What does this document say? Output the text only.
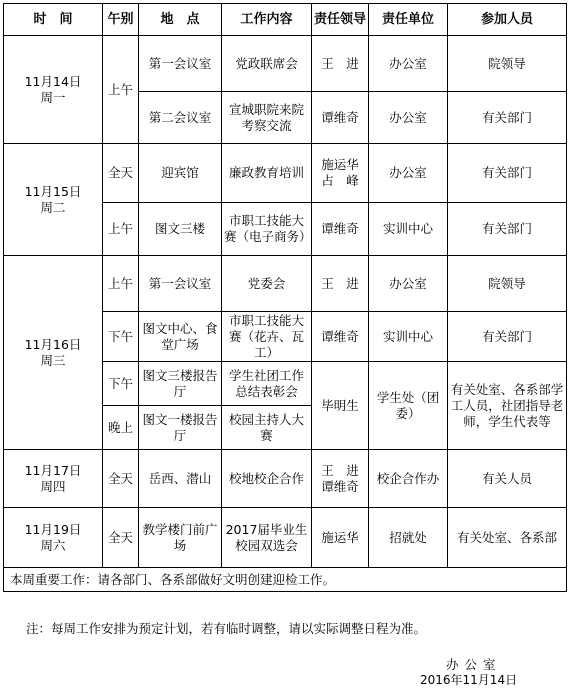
时　间	午别	地　点	工作内容	责任领导	责任单位	参加人员

11月14日
周一	上午	第一会议室	党政联席会	王　进	办公室	院领导
		第二会议室	宣城职院来院考察交流	谭维奇	办公室	有关部门

11月15日
周二	全天	迎宾馆	廉政教育培训	施运华 占　峰	办公室	有关部门
	上午	图文三楼	市职工技能大赛（电子商务）	谭维奇	实训中心	有关部门

11月16日
周三	上午	第一会议室	党委会	王　进	办公室	院领导
	下午	图文中心、食堂广场	市职工技能大赛（花卉、瓦工）	谭维奇	实训中心	有关部门
	下午	图文三楼报告厅	学生社团工作总结表彰会	毕明生	学生处（团委）	有关处室、各系部学工人员，社团指导老师，学生代表等
	晚上	图文一楼报告厅	校园主持人大赛			

11月17日
周四	全天	岳西、潜山	校地校企合作	王　进 谭维奇	校企合作办	有关人员

11月19日
周六	全天	教学楼门前广场	2017届毕业生校园双选会	施运华	招就处	有关处室、各系部
本周重要工作：请各部门、各系部做好文明创建迎检工作。						
注：每周工作安排为预定计划，若有临时调整，请以实际调整日程为准。
办公室
2016年11月14日
